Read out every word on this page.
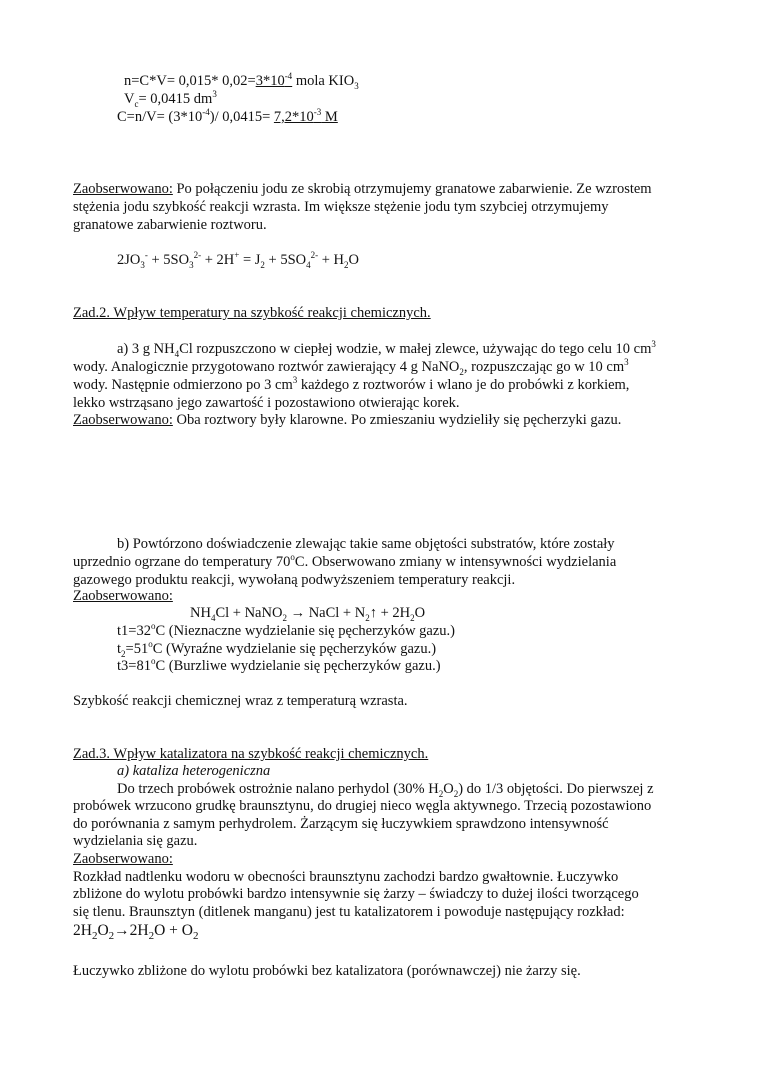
n=C*V= 0,015* $0,02=3*10^{-4}$ mola $KIO_3$
$V_c= 0,0415$ $dm^3$
$C=n/V= (3*10^{-4})/$ $0,0415= 7,2*10^{-3}$ M
Zaobserwowano: Po połączeniu jodu ze skrobią otrzymujemy granatowe zabarwienie. Ze wzrostem
stężenia jodu szybkość reakcji wzrasta. Im większe stężenie jodu tym szybciej otrzymujemy
granatowe zabarwienie roztworu.
$2JO_3^- + 5SO_3^{2-} + 2H^+ = J_2 + 5SO_4^{2-} + H_2O$
Zad.2. Wpływ temperatury na szybkość reakcji chemicznych.
a) 3 g $NH_4Cl$ rozpuszczono w ciepłej wodzie, w małej zlewce, używając do tego celu 10 $cm^3$
wody. Analogicznie przygotowano roztwór zawierający 4 g NaNO$_2$, rozpuszczając go w 10 $cm^3$
wody. Następnie odmierzono po 3 $cm^3$ każdego z roztworów i wlano je do probówki z korkiem,
lekko wstrząsano jego zawartość i pozostawiono otwierając korek.
Zaobserwowano: Oba roztwory były klarowne. Po zmieszaniu wydzieliły się pęcherzyki gazu.
b) Powtórzono doświadczenie zlewając takie same objętości substratów, które zostały
uprzednio ogrzane do temperatury 70$^o$C. Obserwowano zmiany w intensywności wydzielania
gazowego produktu reakcji, wywołaną podwyższeniem temperatury reakcji.
Zaobserwowano:
$NH_4Cl$ + NaNO$_2$ → NaCl + $N_2↑ + 2H_2O$
$t1=32^oC$ (Nieznaczne wydzielanie się pęcherzyków gazu.)
$t_2=51^oC$ (Wyraźne wydzielanie się pęcherzyków gazu.)
$t3=81^oC$ (Burzliwe wydzielanie się pęcherzyków gazu.)
Szybkość reakcji chemicznej wraz z temperaturą wzrasta.
Zad.3. Wpływ katalizatora na szybkość reakcji chemicznych.
a) kataliza heterogeniczna
Do trzech probówek ostrożnie nalano perhydol (30% $H_2O_2$) do 1/3 objętości. Do pierwszej z
probówek wrzucono grudkę braunsztynu, do drugiej nieco węgla aktywnego. Trzecią pozostawiono
do porównania z samym perhydrolem. Żarzącym się łuczywkiem sprawdzono intensywność
wydzielania się gazu.
Zaobserwowano:
Rozkład nadtlenku wodoru w obecności braunsztynu zachodzi bardzo gwałtownie. Łuczywko
zbliżone do wylotu probówki bardzo intensywnie się żarzy – świadczy to dużej ilości tworzącego
się tlenu. Braunsztyn (ditlenek manganu) jest tu katalizatorem i powoduje następujący rozkład:
$2H_2O_2\to 2H_2O + O_2$
Łuczywko zbliżone do wylotu probówki bez katalizatora (porównawczej) nie żarzy się.
